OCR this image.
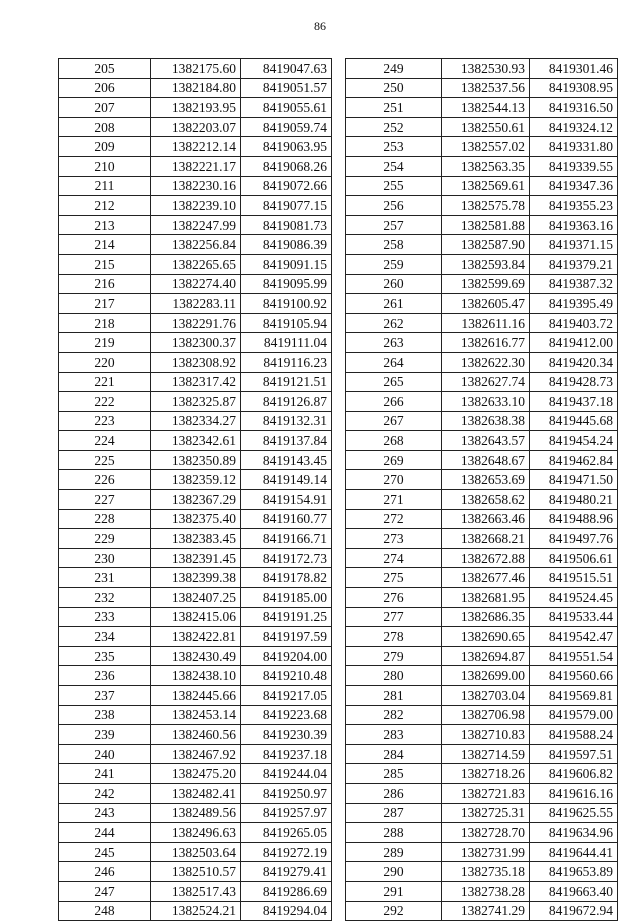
86
205	1382175.60	8419047.63
206	1382184.80	8419051.57
207	1382193.95	8419055.61
208	1382203.07	8419059.74
209	1382212.14	8419063.95
210	1382221.17	8419068.26
211	1382230.16	8419072.66
212	1382239.10	8419077.15
213	1382247.99	8419081.73
214	1382256.84	8419086.39
215	1382265.65	8419091.15
216	1382274.40	8419095.99
217	1382283.11	8419100.92
218	1382291.76	8419105.94
219	1382300.37	8419111.04
220	1382308.92	8419116.23
221	1382317.42	8419121.51
222	1382325.87	8419126.87
223	1382334.27	8419132.31
224	1382342.61	8419137.84
225	1382350.89	8419143.45
226	1382359.12	8419149.14
227	1382367.29	8419154.91
228	1382375.40	8419160.77
229	1382383.45	8419166.71
230	1382391.45	8419172.73
231	1382399.38	8419178.82
232	1382407.25	8419185.00
233	1382415.06	8419191.25
234	1382422.81	8419197.59
235	1382430.49	8419204.00
236	1382438.10	8419210.48
237	1382445.66	8419217.05
238	1382453.14	8419223.68
239	1382460.56	8419230.39
240	1382467.92	8419237.18
241	1382475.20	8419244.04
242	1382482.41	8419250.97
243	1382489.56	8419257.97
244	1382496.63	8419265.05
245	1382503.64	8419272.19
246	1382510.57	8419279.41
247	1382517.43	8419286.69
248	1382524.21	8419294.04
249	1382530.93	8419301.46
250	1382537.56	8419308.95
251	1382544.13	8419316.50
252	1382550.61	8419324.12
253	1382557.02	8419331.80
254	1382563.35	8419339.55
255	1382569.61	8419347.36
256	1382575.78	8419355.23
257	1382581.88	8419363.16
258	1382587.90	8419371.15
259	1382593.84	8419379.21
260	1382599.69	8419387.32
261	1382605.47	8419395.49
262	1382611.16	8419403.72
263	1382616.77	8419412.00
264	1382622.30	8419420.34
265	1382627.74	8419428.73
266	1382633.10	8419437.18
267	1382638.38	8419445.68
268	1382643.57	8419454.24
269	1382648.67	8419462.84
270	1382653.69	8419471.50
271	1382658.62	8419480.21
272	1382663.46	8419488.96
273	1382668.21	8419497.76
274	1382672.88	8419506.61
275	1382677.46	8419515.51
276	1382681.95	8419524.45
277	1382686.35	8419533.44
278	1382690.65	8419542.47
279	1382694.87	8419551.54
280	1382699.00	8419560.66
281	1382703.04	8419569.81
282	1382706.98	8419579.00
283	1382710.83	8419588.24
284	1382714.59	8419597.51
285	1382718.26	8419606.82
286	1382721.83	8419616.16
287	1382725.31	8419625.55
288	1382728.70	8419634.96
289	1382731.99	8419644.41
290	1382735.18	8419653.89
291	1382738.28	8419663.40
292	1382741.29	8419672.94
